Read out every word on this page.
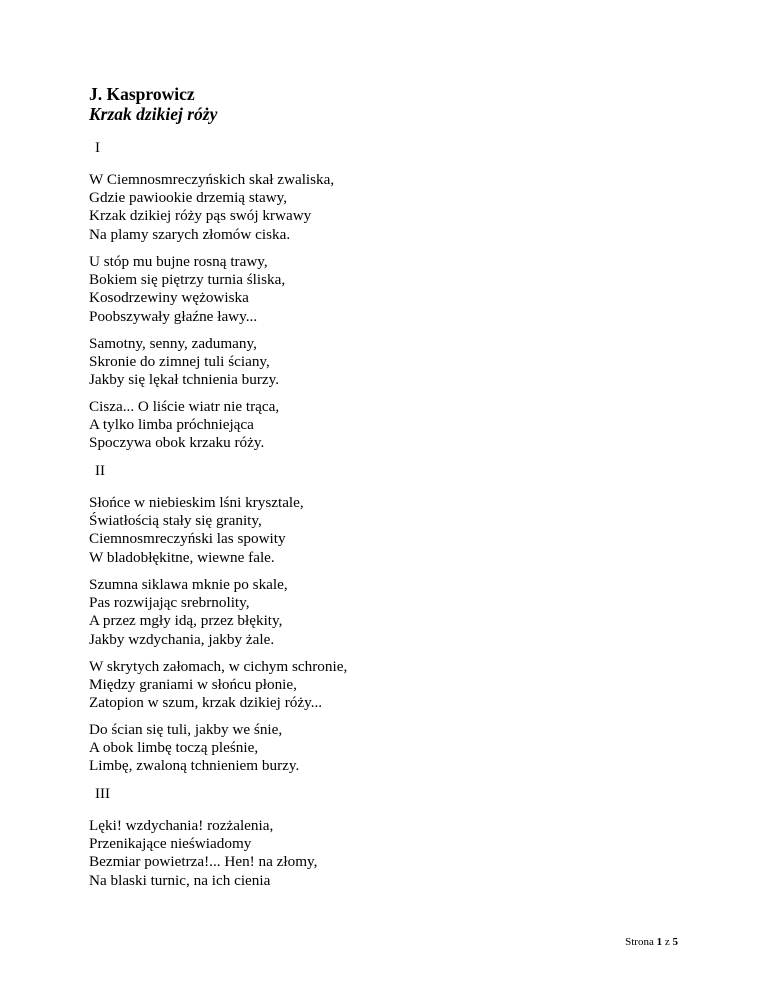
J. Kasprowicz
Krzak dzikiej róży
I
W Ciemnosmreczyńskich skał zwaliska,
Gdzie pawiookie drzemią stawy,
Krzak dzikiej róży pąs swój krwawy
Na plamy szarych złomów ciska.
U stóp mu bujne rosną trawy,
Bokiem się piętrzy turnia śliska,
Kosodrzewiny wężowiska
Poobszywały głaźne ławy...
Samotny, senny, zadumany,
Skronie do zimnej tuli ściany,
Jakby się lękał tchnienia burzy.
Cisza... O liście wiatr nie trąca,
A tylko limba próchniejąca
Spoczywa obok krzaku róży.
II
Słońce w niebieskim lśni krysztale,
Światłością stały się granity,
Ciemnosmreczyński las spowity
W bladobłękitne, wiewne fale.
Szumna siklawa mknie po skale,
Pas rozwijając srebrnolity,
A przez mgły idą, przez błękity,
Jakby wzdychania, jakby żale.
W skrytych załomach, w cichym schronie,
Między graniami w słońcu płonie,
Zatopion w szum, krzak dzikiej róży...
Do ścian się tuli, jakby we śnie,
A obok limbę toczą pleśnie,
Limbę, zwaloną tchnieniem burzy.
III
Lęki! wzdychania! rozżalenia,
Przenikające nieświadomy
Bezmiar powietrza!... Hen! na złomy,
Na blaski turnic, na ich cienia
Strona 1 z 5
